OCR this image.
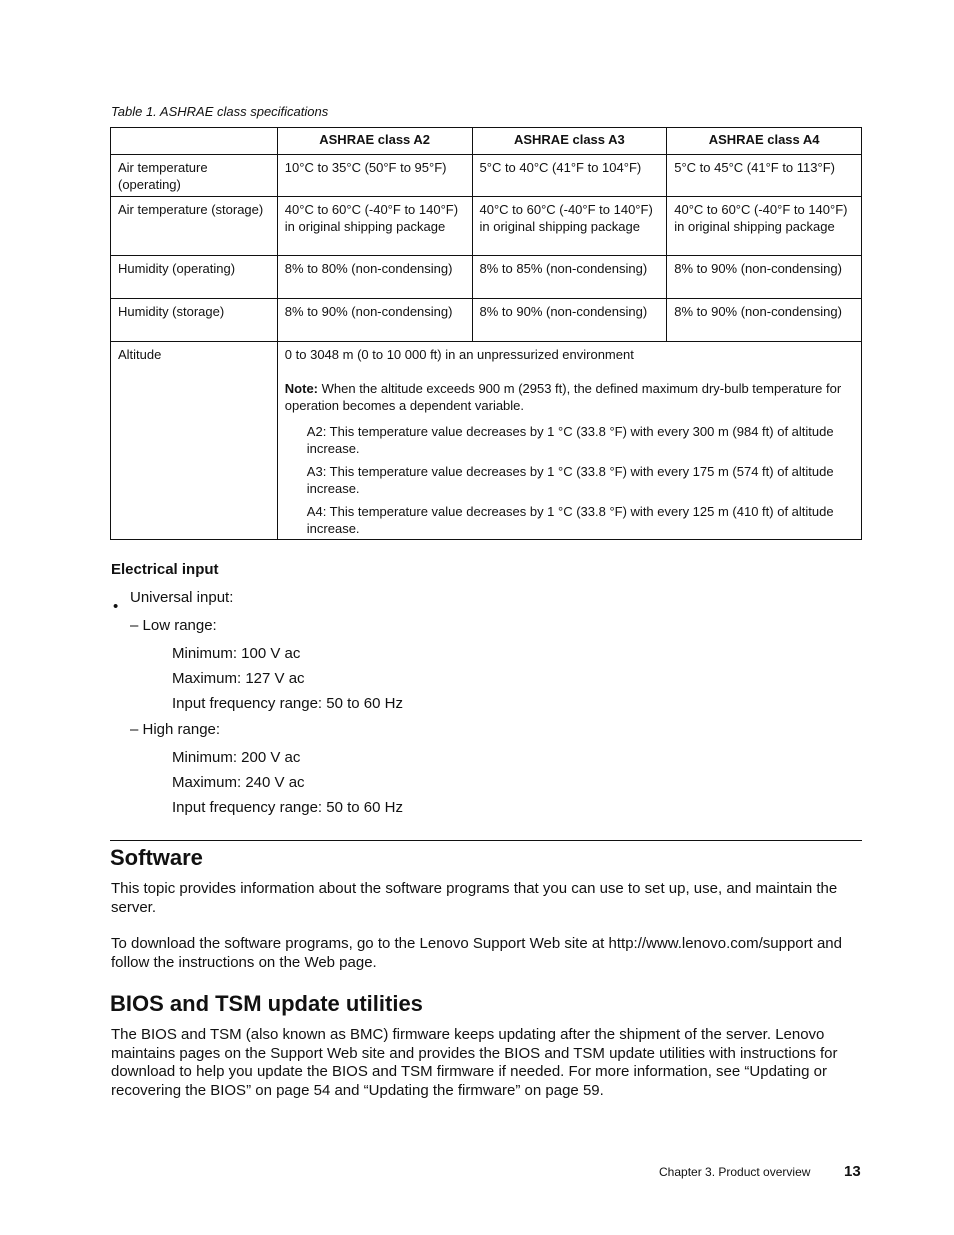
Table 1. ASHRAE class specifications
	ASHRAE class A2	ASHRAE class A3	ASHRAE class A4
Air temperature (operating)	10°C to 35°C (50°F to 95°F)	5°C to 40°C (41°F to 104°F)	5°C to 45°C (41°F to 113°F)
Air temperature (storage)	40°C to 60°C (-40°F to 140°F) in original shipping package	40°C to 60°C (-40°F to 140°F) in original shipping package	40°C to 60°C (-40°F to 140°F) in original shipping package
Humidity (operating)	8% to 80% (non-condensing)	8% to 85% (non-condensing)	8% to 90% (non-condensing)
Humidity (storage)	8% to 90% (non-condensing)	8% to 90% (non-condensing)	8% to 90% (non-condensing)
Altitude	0 to 3048 m (0 to 10 000 ft) in an unpressurized environment
Note: When the altitude exceeds 900 m (2953 ft), the defined maximum dry-bulb temperature for operation becomes a dependent variable.

A2: This temperature value decreases by 1 °C (33.8 °F) with every 300 m (984 ft) of altitude increase.

A3: This temperature value decreases by 1 °C (33.8 °F) with every 175 m (574 ft) of altitude increase.

A4: This temperature value decreases by 1 °C (33.8 °F) with every 125 m (410 ft) of altitude increase.		

Electrical input
•
Universal input:
– Low range:
Minimum: 100 V ac
Maximum: 127 V ac
Input frequency range: 50 to 60 Hz
– High range:
Minimum: 200 V ac
Maximum: 240 V ac
Input frequency range: 50 to 60 Hz
Software
This topic provides information about the software programs that you can use to set up, use, and maintain the server.
To download the software programs, go to the Lenovo Support Web site at http://www.lenovo.com/support and follow the instructions on the Web page.
BIOS and TSM update utilities
The BIOS and TSM (also known as BMC) firmware keeps updating after the shipment of the server. Lenovo maintains pages on the Support Web site and provides the BIOS and TSM update utilities with instructions for download to help you update the BIOS and TSM firmware if needed. For more information, see “Updating or recovering the BIOS” on page 54 and “Updating the firmware” on page 59.
Chapter 3. Product overview 13
